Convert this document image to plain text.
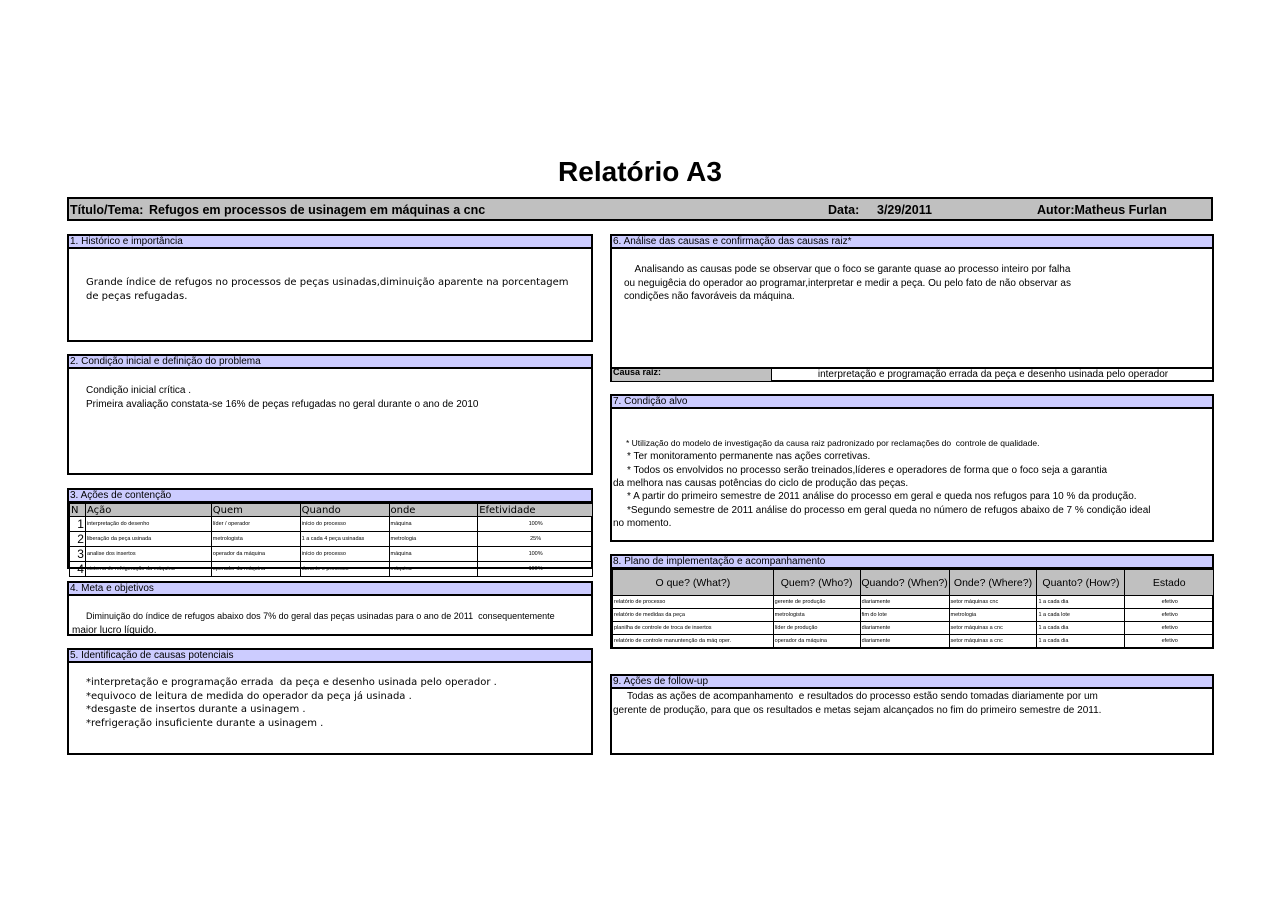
Relatório A3
Título/Tema: Refugos em processos de usinagem em máquinas a cnc	Data: 3/29/2011	Autor:Matheus Furlan
1. Histórico e importância
Grande índice de refugos no processos de peças usinadas,diminuição aparente na porcentagem
de peças refugadas.
2. Condição inicial e definição do problema
Condição inicial crítica .
Primeira avaliação constata-se 16% de peças refugadas no geral durante o ano de 2010
3. Ações de contenção
N	Ação	Quem	Quando	onde	Efetividade
1	interpretação do desenho	líder / operador	início do processo	máquina	100%
2	liberação da peça usinada	metrologista	1 a cada 4 peça usinadas	metrologia	25%
3	analise dos insertos	operador da máquina	início do processo	máquina	100%
4	sistema de refrigeração da máquina	operador da máquina	durante o processo	máquina	100%
4. Meta e objetivos
Diminuição do índice de refugos abaixo dos 7% do geral das peças usinadas para o ano de 2011  consequentemente
maior lucro líquido.
5. Identificação de causas potenciais
*interpretação e programação errada  da peça e desenho usinada pelo operador .
*equivoco de leitura de medida do operador da peça já usinada .
*desgaste de insertos durante a usinagem .
*refrigeração insuficiente durante a usinagem .
6. Análise das causas e confirmação das causas raiz*
Analisando as causas pode se observar que o foco se garante quase ao processo inteiro por falha
ou neguigêcia do operador ao programar,interpretar e medir a peça. Ou pelo fato de não observar as
condições não favoráveis da máquina.
Causa raiz:	interpretação e programação errada da peça e desenho usinada pelo operador
7. Condição alvo
* Utilização do modelo de investigação da causa raiz padronizado por reclamações do  controle de qualidade.
* Ter monitoramento permanente nas ações corretivas.
* Todos os envolvidos no processo serão treinados,líderes e operadores de forma que o foco seja a garantia
da melhora nas causas potências do ciclo de produção das peças.
* A partir do primeiro semestre de 2011 análise do processo em geral e queda nos refugos para 10 % da produção.
*Segundo semestre de 2011 análise do processo em geral queda no número de refugos abaixo de 7 % condição ideal
no momento.
8. Plano de implementação e acompanhamento
O que? (What?)	Quem? (Who?)	Quando? (When?)	Onde? (Where?)	Quanto? (How?)	Estado
relatório de processo	gerente de produção	diariamente	setor máquinas cnc	1 a cada dia	efetivo
relatório de medidas da peça	metrologista	fim do lote	metrologia	1 a cada lote	efetivo
planilha de controle de troca de insertos	líder de produção	diariamente	setor máquinas a cnc	1 a cada dia	efetivo
relatório de controle manuntenção da máq oper.	operador da máquina	diariamente	setor máquinas a cnc	1 a cada dia	efetivo
9. Ações de follow-up
Todas as ações de acompanhamento  e resultados do processo estão sendo tomadas diariamente por um
gerente de produção, para que os resultados e metas sejam alcançados no fim do primeiro semestre de 2011.
